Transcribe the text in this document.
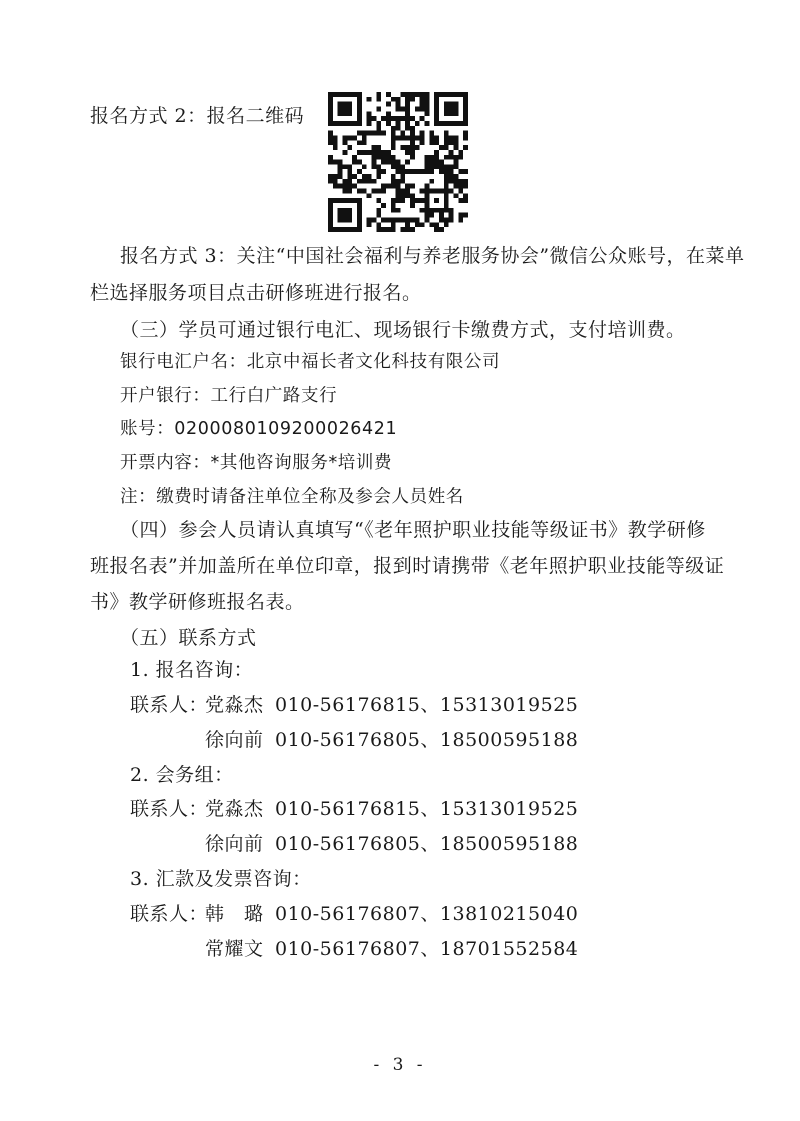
报名方式 2：报名二维码
报名方式 3：关注“中国社会福利与养老服务协会”微信公众账号，在菜单
栏选择服务项目点击研修班进行报名。
（三）学员可通过银行电汇、现场银行卡缴费方式，支付培训费。
银行电汇户名：北京中福长者文化科技有限公司
开户银行：工行白广路支行
账号：0200080109200026421
开票内容：*其他咨询服务*培训费
注：缴费时请备注单位全称及参会人员姓名
（四）参会人员请认真填写“《老年照护职业技能等级证书》教学研修
班报名表”并加盖所在单位印章，报到时请携带《老年照护职业技能等级证
书》教学研修班报名表。
（五）联系方式
1. 报名咨询：
联系人：
党淼杰 010-56176815、15313019525
徐向前 010-56176805、18500595188
2. 会务组：
联系人：
党淼杰 010-56176815、15313019525
徐向前 010-56176805、18500595188
3. 汇款及发票咨询：
联系人：
韩　璐 010-56176807、13810215040
常耀文 010-56176807、18701552584
- 3 -
